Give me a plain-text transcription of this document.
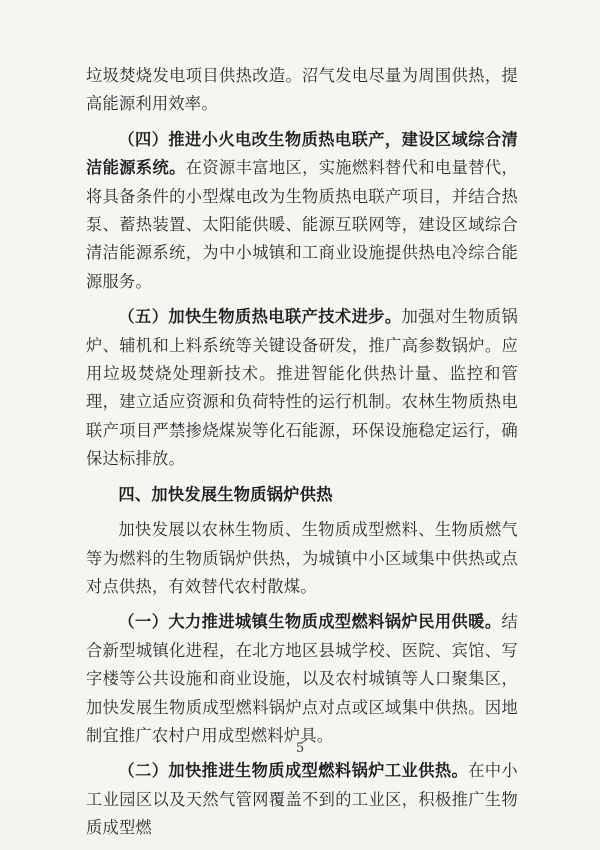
垃圾焚烧发电项目供热改造。沼气发电尽量为周围供热，提高能源利用效率。

（四）推进小火电改生物质热电联产，建设区域综合清洁能源系统。在资源丰富地区，实施燃料替代和电量替代，将具备条件的小型煤电改为生物质热电联产项目，并结合热泵、蓄热装置、太阳能供暖、能源互联网等，建设区域综合清洁能源系统，为中小城镇和工商业设施提供热电冷综合能源服务。

（五）加快生物质热电联产技术进步。加强对生物质锅炉、辅机和上料系统等关键设备研发，推广高参数锅炉。应用垃圾焚烧处理新技术。推进智能化供热计量、监控和管理，建立适应资源和负荷特性的运行机制。农林生物质热电联产项目严禁掺烧煤炭等化石能源，环保设施稳定运行，确保达标排放。

四、加快发展生物质锅炉供热

加快发展以农林生物质、生物质成型燃料、生物质燃气等为燃料的生物质锅炉供热，为城镇中小区域集中供热或点对点供热，有效替代农村散煤。

（一）大力推进城镇生物质成型燃料锅炉民用供暖。结合新型城镇化进程，在北方地区县城学校、医院、宾馆、写字楼等公共设施和商业设施，以及农村城镇等人口聚集区，加快发展生物质成型燃料锅炉点对点或区域集中供热。因地制宜推广农村户用成型燃料炉具。

（二）加快推进生物质成型燃料锅炉工业供热。在中小工业园区以及天然气管网覆盖不到的工业区，积极推广生物质成型燃

5
